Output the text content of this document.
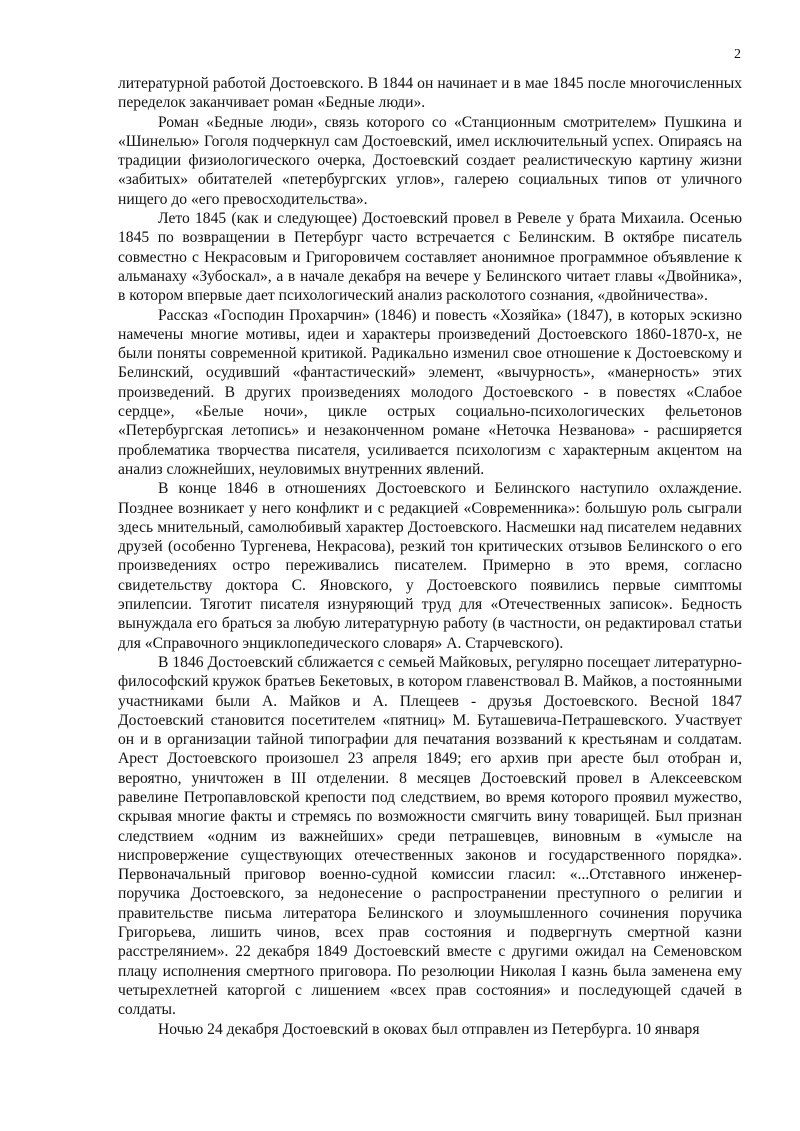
2

литературной работой Достоевского. В 1844 он начинает и в мае 1845 после многочисленных переделок заканчивает роман «Бедные люди».

Роман «Бедные люди», связь которого со «Станционным смотрителем» Пушкина и «Шинелью» Гоголя подчеркнул сам Достоевский, имел исключительный успех. Опираясь на традиции физиологического очерка, Достоевский создает реалистическую картину жизни «забитых» обитателей «петербургских углов», галерею социальных типов от уличного нищего до «его превосходительства».

Лето 1845 (как и следующее) Достоевский провел в Ревеле у брата Михаила. Осенью 1845 по возвращении в Петербург часто встречается с Белинским. В октябре писатель совместно с Некрасовым и Григоровичем составляет анонимное программное объявление к альманаху «Зубоскал», а в начале декабря на вечере у Белинского читает главы «Двойника», в котором впервые дает психологический анализ расколотого сознания, «двойничества».

Рассказ «Господин Прохарчин» (1846) и повесть «Хозяйка» (1847), в которых эскизно намечены многие мотивы, идеи и характеры произведений Достоевского 1860-1870-х, не были поняты современной критикой. Радикально изменил свое отношение к Достоевскому и Белинский, осудивший «фантастический» элемент, «вычурность», «манерность» этих произведений. В других произведениях молодого Достоевского - в повестях «Слабое сердце», «Белые ночи», цикле острых социально-психологических фельетонов «Петербургская летопись» и незаконченном романе «Неточка Незванова» - расширяется проблематика творчества писателя, усиливается психологизм с характерным акцентом на анализ сложнейших, неуловимых внутренних явлений.

В конце 1846 в отношениях Достоевского и Белинского наступило охлаждение. Позднее возникает у него конфликт и с редакцией «Современника»: большую роль сыграли здесь мнительный, самолюбивый характер Достоевского. Насмешки над писателем недавних друзей (особенно Тургенева, Некрасова), резкий тон критических отзывов Белинского о его произведениях остро переживались писателем. Примерно в это время, согласно свидетельству доктора С. Яновского, у Достоевского появились первые симптомы эпилепсии. Тяготит писателя изнуряющий труд для «Отечественных записок». Бедность вынуждала его браться за любую литературную работу (в частности, он редактировал статьи для «Справочного энциклопедического словаря» А. Старчевского).

В 1846 Достоевский сближается с семьей Майковых, регулярно посещает литературно-философский кружок братьев Бекетовых, в котором главенствовал В. Майков, а постоянными участниками были А. Майков и А. Плещеев - друзья Достоевского. Весной 1847 Достоевский становится посетителем «пятниц» М. Буташевича-Петрашевского. Участвует он и в организации тайной типографии для печатания воззваний к крестьянам и солдатам. Арест Достоевского произошел 23 апреля 1849; его архив при аресте был отобран и, вероятно, уничтожен в III отделении. 8 месяцев Достоевский провел в Алексеевском равелине Петропавловской крепости под следствием, во время которого проявил мужество, скрывая многие факты и стремясь по возможности смягчить вину товарищей. Был признан следствием «одним из важнейших» среди петрашевцев, виновным в «умысле на ниспровержение существующих отечественных законов и государственного порядка». Первоначальный приговор военно-судной комиссии гласил: «...Отставного инженер-поручика Достоевского, за недонесение о распространении преступного о религии и правительстве письма литератора Белинского и злоумышленного сочинения поручика Григорьева, лишить чинов, всех прав состояния и подвергнуть смертной казни расстрелянием». 22 декабря 1849 Достоевский вместе с другими ожидал на Семеновском плацу исполнения смертного приговора. По резолюции Николая I казнь была заменена ему четырехлетней каторгой с лишением «всех прав состояния» и последующей сдачей в солдаты.

Ночью 24 декабря Достоевский в оковах был отправлен из Петербурга. 10 января
